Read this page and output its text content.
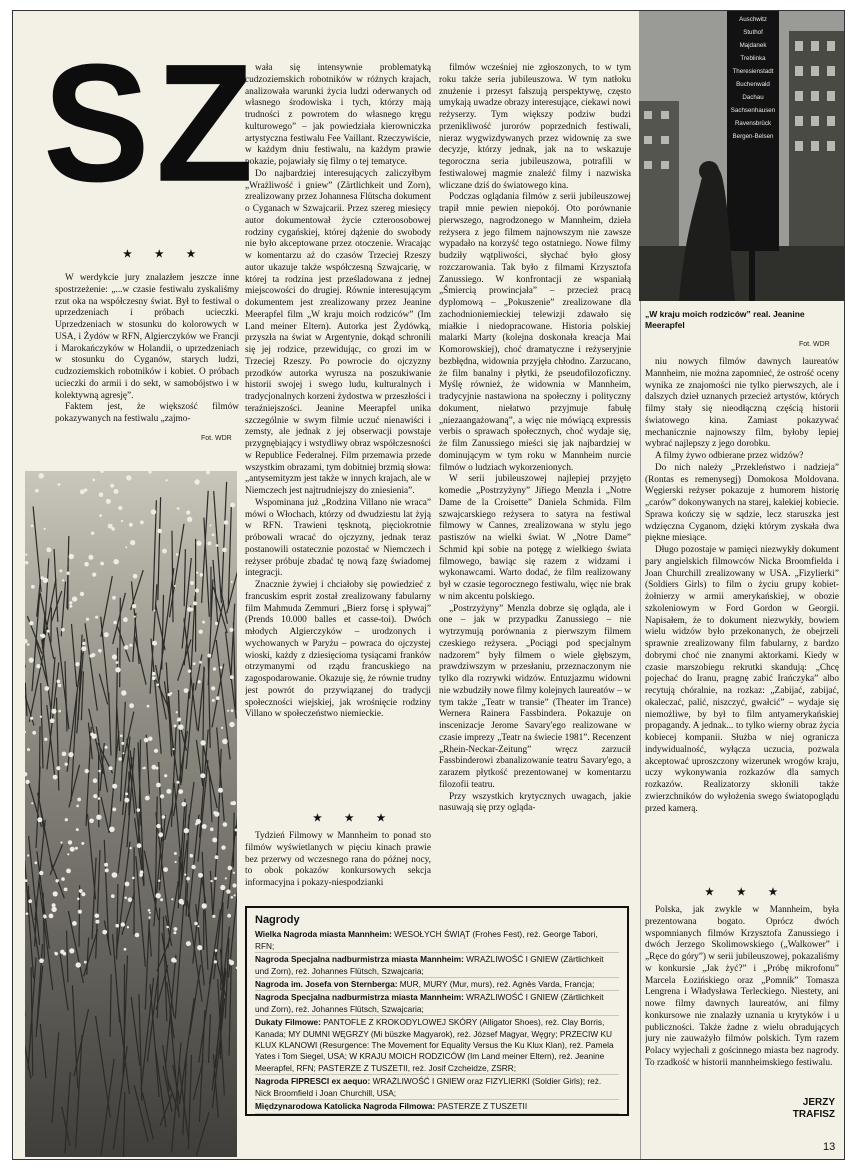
SZ
★ ★ ★

W werdykcie jury znalazłem jeszcze inne spostrzeżenie: „...w czasie festiwalu zyskaliśmy rzut oka na współczesny świat. Był to festiwal o uprzedzeniach i próbach ucieczki. Uprzedzeniach w stosunku do kolorowych w USA, i Żydów w RFN, Algierczyków we Francji i Marokańczyków w Holandii, o uprzedzeniach w stosunku do Cyganów, starych ludzi, cudzoziemskich robotników i kobiet. O próbach ucieczki do armii i do sekt, w samobójstwo i w kolektywną agresję”.

Faktem jest, że większość filmów pokazywanych na festiwalu „zajmo-

Fot. WDR

wała się intensywnie problematyką cudzoziemskich robotników w różnych krajach, analizowała warunki życia ludzi oderwanych od własnego środowiska i tych, którzy mają trudności z powrotem do własnego kręgu kulturowego” – jak powiedziała kierowniczka artystyczna festiwalu Fee Vaillant. Rzeczywiście, w każdym dniu festiwalu, na każdym prawie pokazie, pojawiały się filmy o tej tematyce.

Do najbardziej interesujących zaliczyłbym „Wrażliwość i gniew” (Zärtlichkeit und Zorn), zrealizowany przez Johannesa Flütscha dokument o Cyganach w Szwajcarii. Przez szereg miesięcy autor dokumentował życie czteroosobowej rodziny cygańskiej, której dążenie do swobody nie było akceptowane przez otoczenie. Wracając w komentarzu aż do czasów Trzeciej Rzeszy autor ukazuje także współczesną Szwajcarię, w której ta rodzina jest prześladowana z jednej miejscowości do drugiej. Równie interesującym dokumentem jest zrealizowany przez Jeanine Meerapfel film „W kraju moich rodziców” (Im Land meiner Eltern). Autorka jest Żydówką, przyszła na świat w Argentynie, dokąd schronili się jej rodzice, przewidując, co grozi im w Trzeciej Rzeszy. Po powrocie do ojczyzny przodków autorka wyrusza na poszukiwanie historii swojej i swego ludu, kulturalnych i tradycjonalnych korzeni żydostwa w przeszłości i teraźniejszości. Jeanine Meerapfel unika szczególnie w swym filmie uczuć nienawiści i zemsty, ale jednak z jej obserwacji powstaje przygnębiający i wstydliwy obraz współczesności w Republice Federalnej. Film przemawia przede wszystkim obrazami, tym dobitniej brzmią słowa: „antysemityzm jest także w innych krajach, ale w Niemczech jest najtrudniejszy do zniesienia”.

Wspominana już „Rodzina Villano nie wraca” mówi o Włochach, którzy od dwudziestu lat żyją w RFN. Trawieni tęsknotą, pięciokrotnie próbowali wracać do ojczyzny, jednak teraz postanowili ostatecznie pozostać w Niemczech i reżyser próbuje zbadać tę nową fazę świadomej integracji.

Znacznie żywiej i chciałoby się powiedzieć z francuskim esprit został zrealizowany fabularny film Mahmuda Zemmuri „Bierz forsę i spływaj” (Prends 10.000 balles et casse-toi). Dwóch młodych Algierczyków – urodzonych i wychowanych w Paryżu – powraca do ojczystej wioski, każdy z dziesięcioma tysiącami franków otrzymanymi od rządu francuskiego na zagospodarowanie. Okazuje się, że równie trudny jest powrót do przywiązanej do tradycji społeczności wiejskiej, jak wrośnięcie rodziny Villano w społeczeństwo niemieckie.

★ ★ ★

Tydzień Filmowy w Mannheim to ponad sto filmów wyświetlanych w pięciu kinach prawie bez przerwy od wczesnego rana do późnej nocy, to obok pokazów konkursowych sekcja informacyjna i pokazy-niespodzianki

filmów wcześniej nie zgłoszonych, to w tym roku także seria jubileuszowa. W tym natłoku znużenie i przesyt fałszują perspektywę, często umykają uwadze obrazy interesujące, ciekawi nowi reżyserzy. Tym większy podziw budzi przenikliwość jurorów poprzednich festiwali, nieraz wygwizdywanych przez widownię za swe decyzje, którzy jednak, jak na to wskazuje tegoroczna seria jubileuszowa, potrafili w festiwalowej magmie znaleźć filmy i nazwiska wliczane dziś do światowego kina.

Podczas oglądania filmów z serii jubileuszowej trapił mnie pewien niepokój. Oto porównanie pierwszego, nagrodzonego w Mannheim, dzieła reżysera z jego filmem najnowszym nie zawsze wypadało na korzyść tego ostatniego. Nowe filmy budziły wątpliwości, słychać było głosy rozczarowania. Tak było z filmami Krzysztofa Zanussiego. W konfrontacji ze wspaniałą „Śmiercią prowincjała” – przecież pracą dyplomową – „Pokuszenie” zrealizowane dla zachodnioniemieckiej telewizji zdawało się miałkie i niedopracowane. Historia polskiej malarki Marty (kolejna doskonała kreacja Mai Komorowskiej), choć dramatyczne i reżyseryjnie bezbłędna, widownia przyjęła chłodno. Zarzucano, że film banalny i płytki, że pseudofilozoficzny. Myślę również, że widownia w Mannheim, tradycyjnie nastawiona na społeczny i polityczny dokument, niełatwo przyjmuje fabułę „niezaangażowaną”, a więc nie mówiącą expressis verbis o sprawach społecznych, choć wydaje się, że film Zanussiego mieści się jak najbardziej w dominującym w tym roku w Mannheim nurcie filmów o ludziach wykorzenionych.

W serii jubileuszowej najlepiej przyjęto komedie „Postrzyżyny” Jiřiego Menzla i „Notre Dame de la Croisette” Daniela Schmida. Film szwajcarskiego reżysera to satyra na festiwal filmowy w Cannes, zrealizowana w stylu jego pastiszów na wielki świat. W „Notre Dame” Schmid kpi sobie na potęgę z wielkiego świata filmowego, bawiąc się razem z widzami i wykonawcami. Warto dodać, że film realizowany był w czasie tegorocznego festiwalu, więc nie brak w nim akcentu polskiego.

„Postrzyżyny” Menzla dobrze się ogląda, ale i one – jak w przypadku Zanussiego – nie wytrzymują porównania z pierwszym filmem czeskiego reżysera. „Pociągi pod specjalnym nadzorem” były filmem o wiele głębszym, prawdziwszym w przesłaniu, przeznaczonym nie tylko dla rozrywki widzów. Entuzjazmu widowni nie wzbudziły nowe filmy kolejnych laureatów – w tym także „Teatr w transie” (Theater im Trance) Wernera Rainera Fassbindera. Pokazuje on inscenizacje Jerome Savary'ego realizowane w czasie imprezy „Teatr na świecie 1981”. Recenzent „Rhein-Neckar-Zeitung” wręcz zarzucił Fassbinderowi zbanalizowanie teatru Savary'ego, a zarazem płytkość prezentowanej w komentarzu filozofii teatru.

Przy wszystkich krytycznych uwagach, jakie nasuwają się przy ogląda-

Auschwitz
Stuthof
Majdanek
Treblinka
Theresienstadt
Buchenwald
Dachau
Sachsenhausen
Ravensbrück
Bergen-Belsen
„W kraju moich rodziców” real. Jeanine Meerapfel
Fot. WDR

niu nowych filmów dawnych laureatów Mannheim, nie można zapomnieć, że ostrość oceny wynika ze znajomości nie tylko pierwszych, ale i dalszych dzieł uznanych przecież artystów, których filmy stały się nieodłączną częścią historii światowego kina. Zamiast pokazywać mechanicznie najnowszy film, byłoby lepiej wybrać najlepszy z jego dorobku.

A filmy żywo odbierane przez widzów?

Do nich należy „Przekleństwo i nadzieja” (Rontas es remenysegj) Domokosa Moldovana. Węgierski reżyser pokazuje z humorem historię „carów” dokonywanych na starej, kalekiej kobiecie. Sprawa kończy się w sądzie, lecz staruszka jest wdzięczna Cyganom, dzięki którym zyskała dwa piękne miesiące.

Długo pozostaje w pamięci niezwykły dokument pary angielskich filmowców Nicka Broomfielda i Joan Churchill zrealizowany w USA. „Fizylierki” (Soldiers Girls) to film o życiu grupy kobiet-żołnierzy w armii amerykańskiej, w obozie szkoleniowym w Ford Gordon w Georgii. Napisałem, że to dokument niezwykły, bowiem wielu widzów było przekonanych, że obejrzeli sprawnie zrealizowany film fabularny, z bardzo dobrymi choć nie znanymi aktorkami. Kiedy w czasie marszobiegu rekrutki skandują: „Chcę pojechać do Iranu, pragnę zabić Irańczyka” albo recytują chóralnie, na rozkaz: „Zabijać, zabijać, okaleczać, palić, niszczyć, gwałcić” – wydaje się niemożliwe, by był to film antyamerykańskiej propagandy. A jednak... to tylko wierny obraz życia kobiecej kompanii. Służba w niej ogranicza indywidualność, wyłącza uczucia, pozwala akceptować uproszczony wizerunek wrogów kraju, uczy wykonywania rozkazów dla samych rozkazów. Realizatorzy skłonili także zwierzchników do wyłożenia swego światopoglądu przed kamerą.

★ ★ ★

Polska, jak zwykle w Mannheim, była prezentowana bogato. Oprócz dwóch wspomnianych filmów Krzysztofa Zanussiego i dwóch Jerzego Skolimowskiego („Walkower” i „Ręce do góry”) w serii jubileuszowej, pokazaliśmy w konkursie „Jak żyć?” i „Próbę mikrofonu” Marcela Łozińskiego oraz „Pomnik” Tomasza Lengrena i Władysława Terleckiego. Niestety, ani nowe filmy dawnych laureatów, ani filmy konkursowe nie znalazły uznania u krytyków i u publiczności. Także żadne z wielu obradujących jury nie zauważyło filmów polskich. Tym razem Polacy wyjechali z gościnnego miasta bez nagrody. To rzadkość w historii mannheimskiego festiwalu.

JERZY
TRAFISZ
Nagrody
Wielka Nagroda miasta Mannheim: WESOŁYCH ŚWIĄT (Frohes Fest), reż. George Tabori, RFN;
Nagroda Specjalna nadburmistrza miasta Mannheim: WRAŻLIWOŚĆ I GNIEW (Zärtlichkeit und Zorn), reż. Johannes Flütsch, Szwajcaria;
Nagroda im. Josefa von Sternberga: MUR, MURY (Mur, murs), reż. Agnès Varda, Francja;
Nagroda Specjalna nadburmistrza miasta Mannheim: WRAŻLIWOŚĆ I GNIEW (Zärtlichkeit und Zorn), reż. Johannes Flütsch, Szwajcaria;
Dukaty Filmowe: PANTOFLE Z KROKODYLOWEJ SKÓRY (Alligator Shoes), reż. Clay Borris, Kanada; MY DUMNI WĘGRZY (Mi büszke Magyarok), reż. József Magyar, Węgry; PRZECIW KU KLUX KLANOWI (Resurgence: The Movement for Equality Versus the Ku Klux Klan), reż. Pamela Yates i Tom Siegel, USA; W KRAJU MOICH RODZICÓW (Im Land meiner Eltern), reż. Jeanine Meerapfel, RFN; PASTERZE Z TUSZETII, reż. Josif Czcheidze, ZSRR;
Nagroda FIPRESCI ex aequo: WRAŻLIWOŚĆ I GNIEW oraz FIZYLIERKI (Soldier Girls); reż. Nick Broomfield i Joan Churchill, USA;
Międzynarodowa Katolicka Nagroda Filmowa: PASTERZE Z TUSZETII
13
